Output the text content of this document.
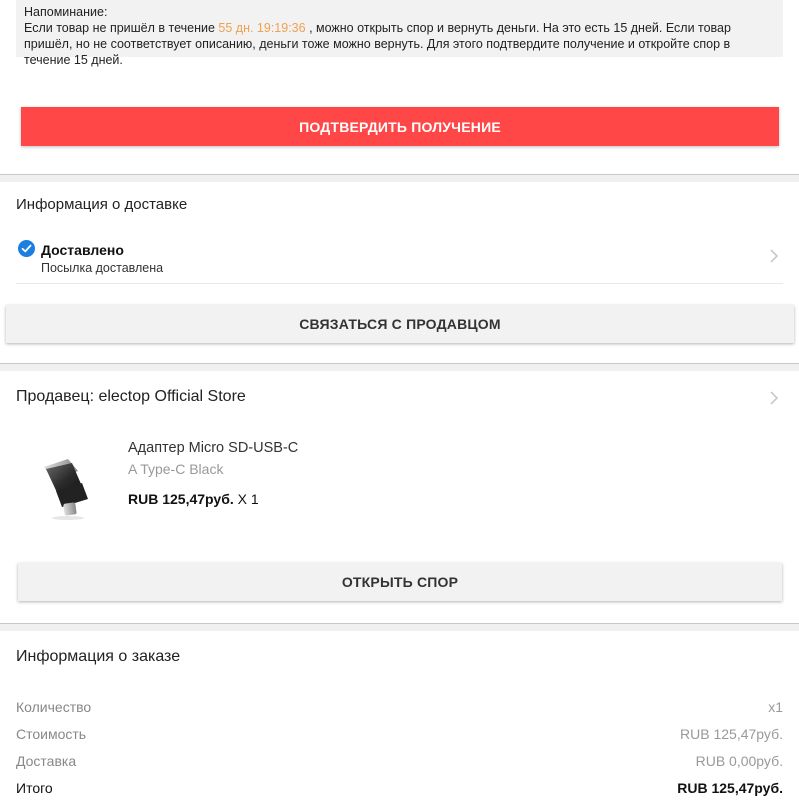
Напоминание:
Если товар не пришёл в течение 55 дн. 19:19:36 , можно открыть спор и вернуть деньги. На это есть 15 дней. Если товар пришёл, но не соответствует описанию, деньги тоже можно вернуть. Для этого подтвердите получение и откройте спор в течение 15 дней.
ПОДТВЕРДИТЬ ПОЛУЧЕНИЕ
Информация о доставке
Доставлено
Посылка доставлена
СВЯЗАТЬСЯ С ПРОДАВЦОМ
Продавец: electop Official Store
Адаптер Micro SD-USB-C
A Type-C Black
RUB 125,47руб. X 1
ОТКРЫТЬ СПОР
Информация о заказе
Количество	x1
Стоимость	RUB 125,47руб.
Доставка	RUB 0,00руб.
Итого	RUB 125,47руб.
